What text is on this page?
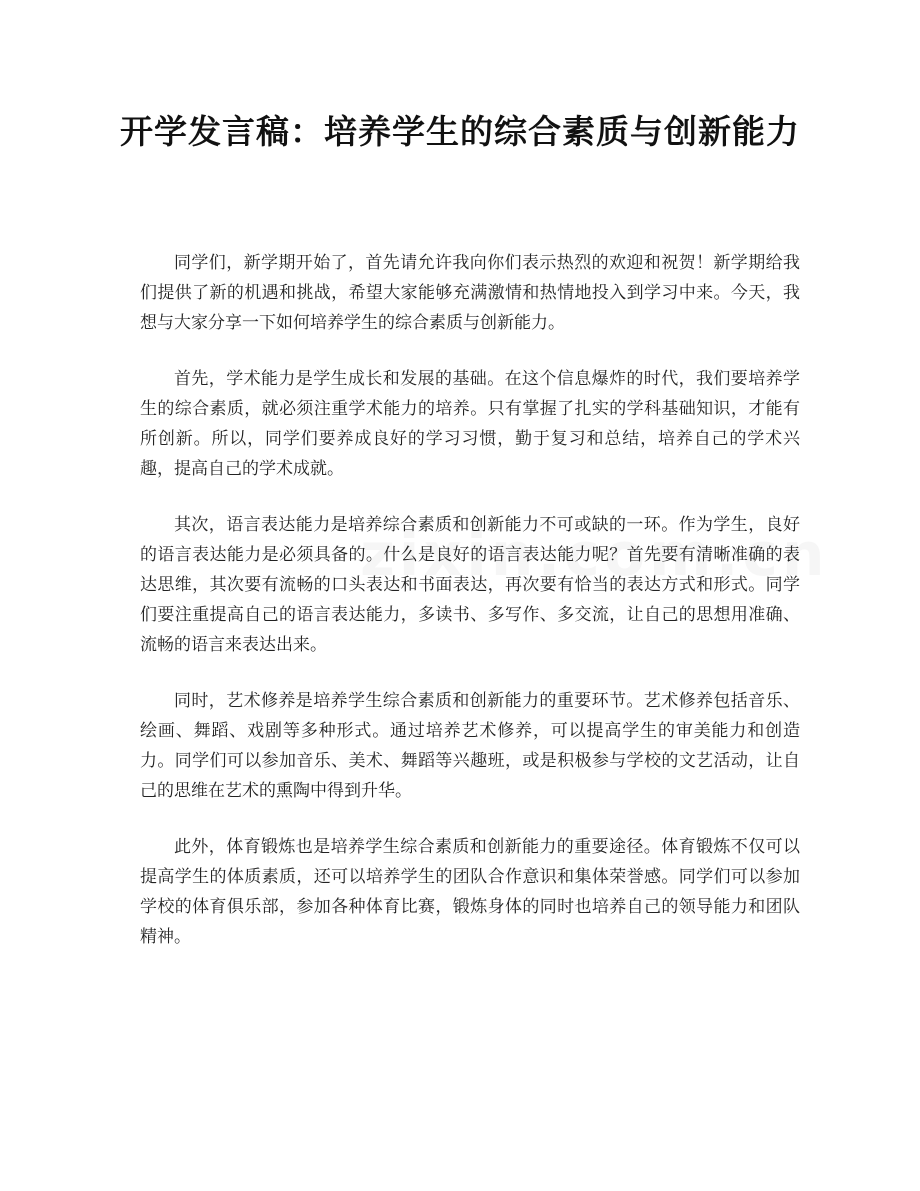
开学发言稿：培养学生的综合素质与创新能力

同学们，新学期开始了，首先请允许我向你们表示热烈的欢迎和祝贺！新学期给我们提供了新的机遇和挑战，希望大家能够充满激情和热情地投入到学习中来。今天，我想与大家分享一下如何培养学生的综合素质与创新能力。

首先，学术能力是学生成长和发展的基础。在这个信息爆炸的时代，我们要培养学生的综合素质，就必须注重学术能力的培养。只有掌握了扎实的学科基础知识，才能有所创新。所以，同学们要养成良好的学习习惯，勤于复习和总结，培养自己的学术兴趣，提高自己的学术成就。

其次，语言表达能力是培养综合素质和创新能力不可或缺的一环。作为学生，良好的语言表达能力是必须具备的。什么是良好的语言表达能力呢？首先要有清晰准确的表达思维，其次要有流畅的口头表达和书面表达，再次要有恰当的表达方式和形式。同学们要注重提高自己的语言表达能力，多读书、多写作、多交流，让自己的思想用准确、流畅的语言来表达出来。

同时，艺术修养是培养学生综合素质和创新能力的重要环节。艺术修养包括音乐、绘画、舞蹈、戏剧等多种形式。通过培养艺术修养，可以提高学生的审美能力和创造力。同学们可以参加音乐、美术、舞蹈等兴趣班，或是积极参与学校的文艺活动，让自己的思维在艺术的熏陶中得到升华。

此外，体育锻炼也是培养学生综合素质和创新能力的重要途径。体育锻炼不仅可以提高学生的体质素质，还可以培养学生的团队合作意识和集体荣誉感。同学们可以参加学校的体育俱乐部，参加各种体育比赛，锻炼身体的同时也培养自己的领导能力和团队精神。
